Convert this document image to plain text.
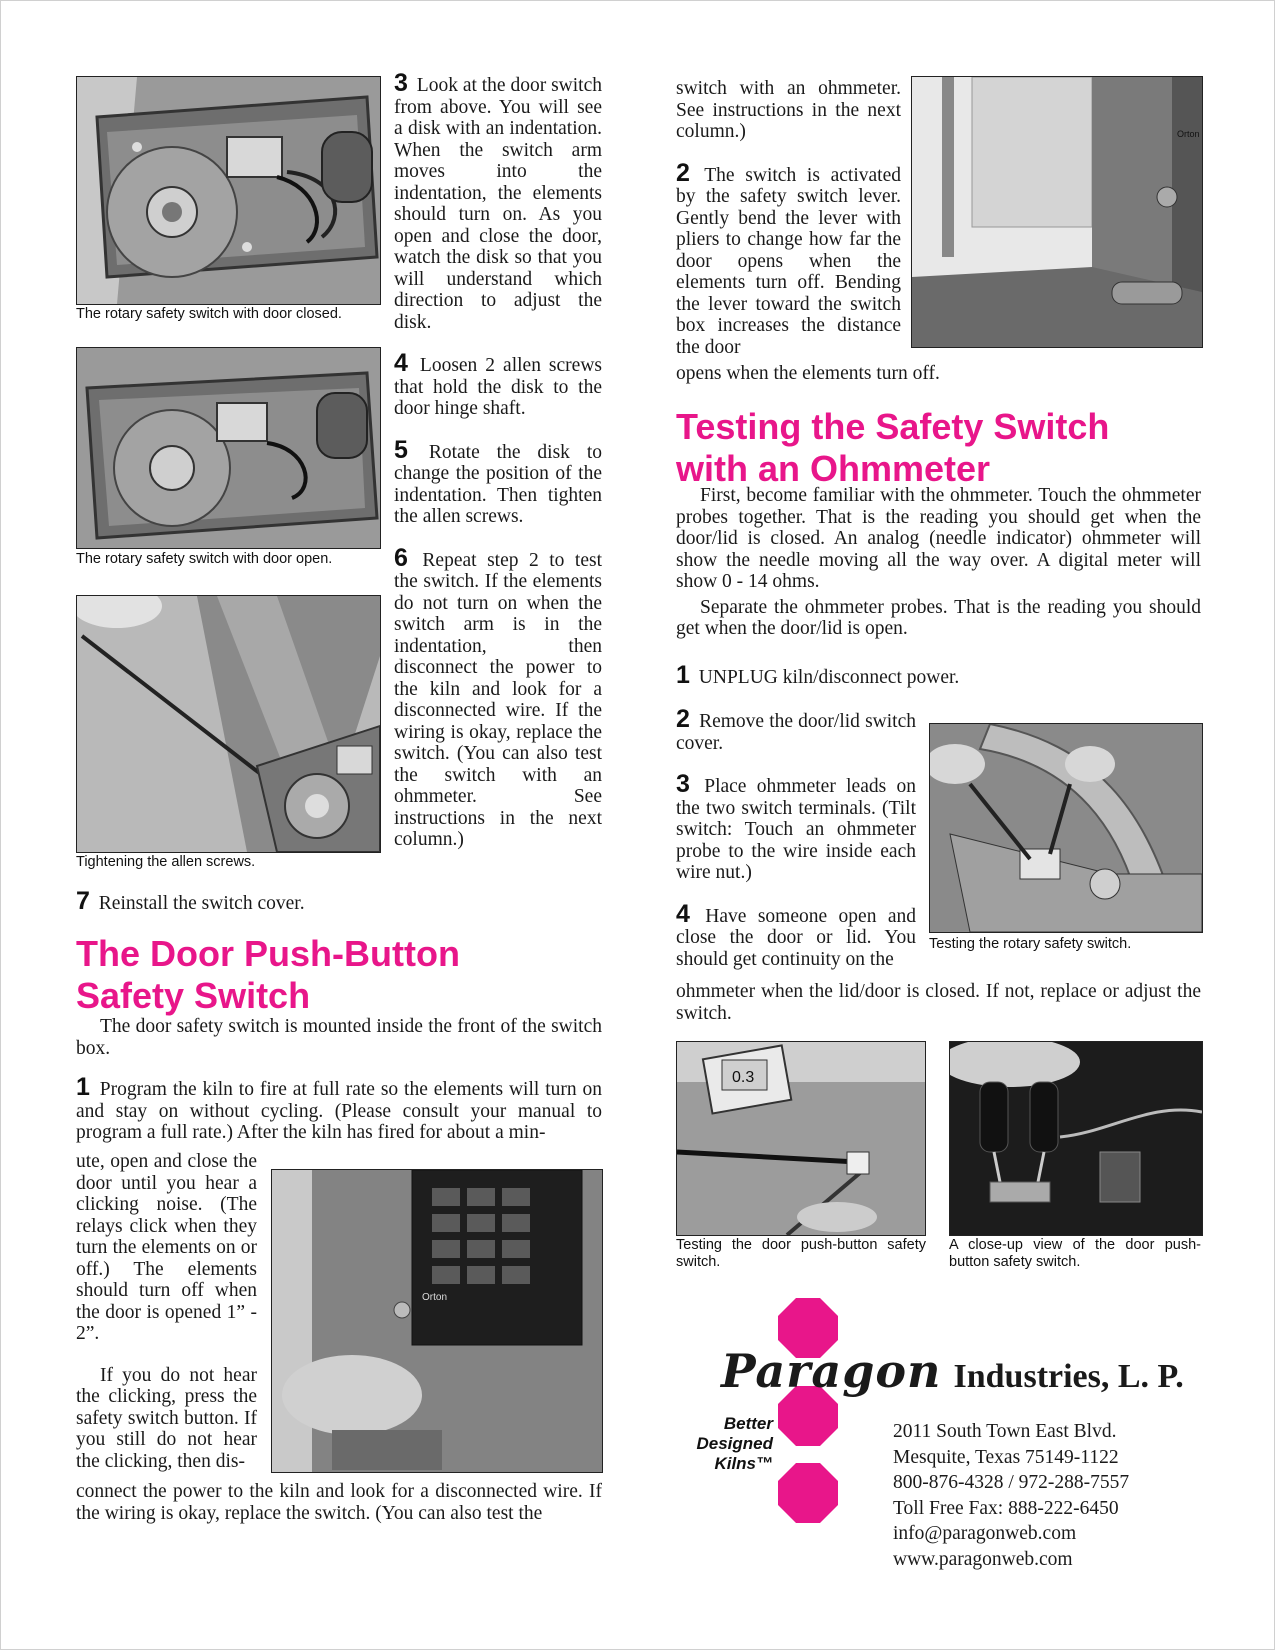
The rotary safety switch with door closed.

The rotary safety switch with door open.

Tightening the allen screws.

3 Look at the door switch from above. You will see a disk with an indentation. When the switch arm moves into the indentation, the elements should turn on. As you open and close the door, watch the disk so that you will understand which direction to adjust the disk.

4 Loosen 2 allen screws that hold the disk to the door hinge shaft.

5 Rotate the disk to change the position of the indentation. Then tighten the allen screws.

6 Repeat step 2 to test the switch. If the elements do not turn on when the switch arm is in the indentation, then disconnect the power to the kiln and look for a disconnected wire. If the wiring is okay, replace the switch. (You can also test the switch with an ohmmeter. See instructions in the next column.)

7 Reinstall the switch cover.

The Door Push-Button
Safety Switch

The door safety switch is mounted inside the front of the switch box.

1 Program the kiln to fire at full rate so the elements will turn on and stay on without cycling. (Please consult your manual to program a full rate.) After the kiln has fired for about a min-

ute, open and close the door until you hear a clicking noise. (The relays click when they turn the elements on or off.) The elements should turn off when the door is opened 1” - 2”.

If you do not hear the clicking, press the safety switch button. If you still do not hear the clicking, then dis-

connect the power to the kiln and look for a disconnected wire. If the wiring is okay, replace the switch. (You can also test the

Orton

switch with an ohmmeter. See instructions in the next column.)

2 The switch is activated by the safety switch lever. Gently bend the lever with pliers to change how far the door opens when the elements turn off. Bending the lever toward the switch box increases the distance the door

opens when the elements turn off.

Orton
Testing the Safety Switch
with an Ohmmeter

First, become familiar with the ohmmeter. Touch the ohmmeter probes together. That is the reading you should get when the door/lid is closed. An analog (needle indicator) ohmmeter will show the needle moving all the way over. A digital meter will show 0 - 14 ohms.

Separate the ohmmeter probes. That is the reading you should get when the door/lid is open.

1 UNPLUG kiln/disconnect power.

2 Remove the door/lid switch cover.

3 Place ohmmeter leads on the two switch terminals. (Tilt switch: Touch an ohmmeter probe to the wire inside each wire nut.)

4 Have someone open and close the door or lid. You should get continuity on the

ohmmeter when the lid/door is closed. If not, replace or adjust the switch.

Testing the rotary safety switch.

0.3

Testing the door push-button safety switch.

A close-up view of the door push-button safety switch.

Paragon Industries, L. P.
Better
Designed
Kilns™

2011 South Town East Blvd.

Mesquite, Texas 75149-1122

800-876-4328 / 972-288-7557

Toll Free Fax: 888-222-6450

info@paragonweb.com

www.paragonweb.com
